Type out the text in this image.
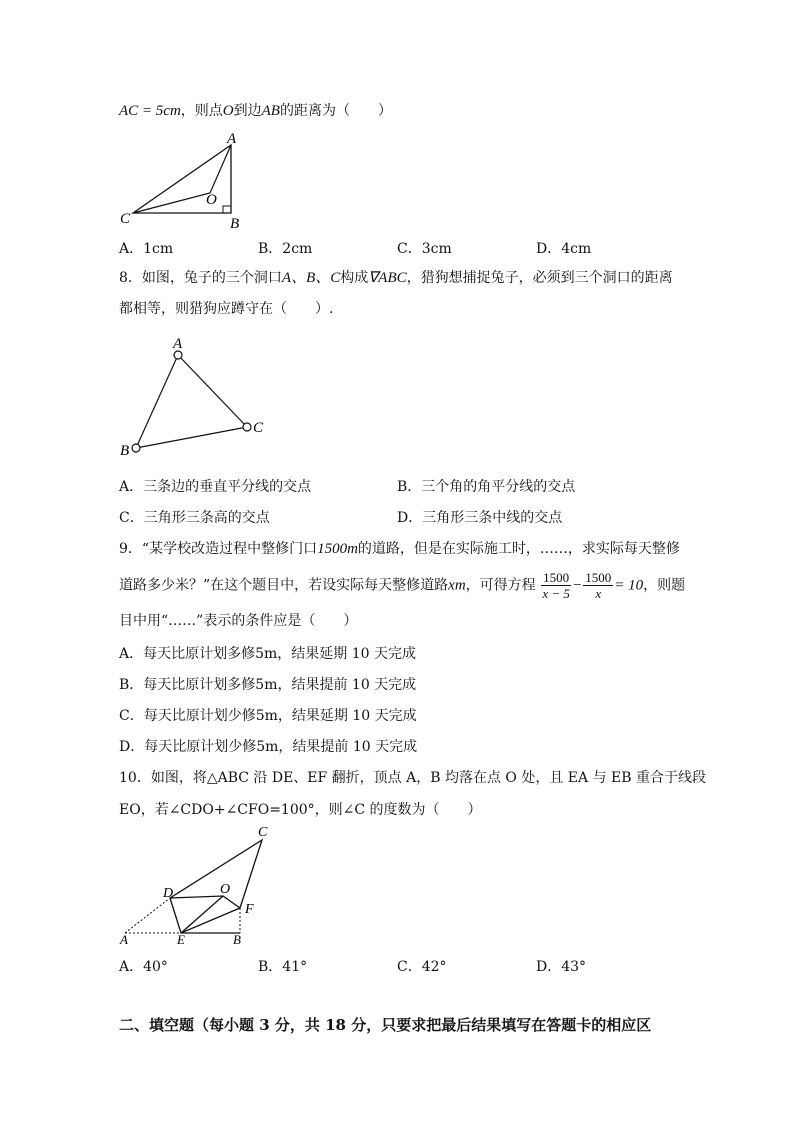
AC = 5cm，则点O到边AB的距离为（　　）
A
O
C	B
A．1cm	B．2cm	C．3cm	D．4cm
8．如图，兔子的三个洞口A、B、C构成∇ABC，猎狗想捕捉兔子，必须到三个洞口的距离
都相等，则猎狗应蹲守在（　　）.
A
B
C
A．三条边的垂直平分线的交点	B．三个角的角平分线的交点
C．三角形三条高的交点	D．三角形三条中线的交点
9．“某学校改造过程中整修门口1500m的道路，但是在实际施工时，……，求实际每天整修
道路多少米？”在这个题目中，若设实际每天整修道路xm，可得方程 $\frac{1500}{x - 5} - \frac{1500}{x} = 10$，则题
目中用“……”表示的条件应是（　　）
A．每天比原计划多修5m，结果延期 10 天完成
B．每天比原计划多修5m，结果提前 10 天完成
C．每天比原计划少修5m，结果延期 10 天完成
D．每天比原计划少修5m，结果提前 10 天完成
10．如图，将△ABC 沿 DE、EF 翻折，顶点 A，B 均落在点 O 处，且 EA 与 EB 重合于线段
EO，若∠CDO+∠CFO=100°，则∠C 的度数为（　　）
C
D	O
F
A	E	B
A．40°	B．41°	C．42°	D．43°
二、填空题（每小题 3 分，共 18 分，只要求把最后结果填写在答题卡的相应区
